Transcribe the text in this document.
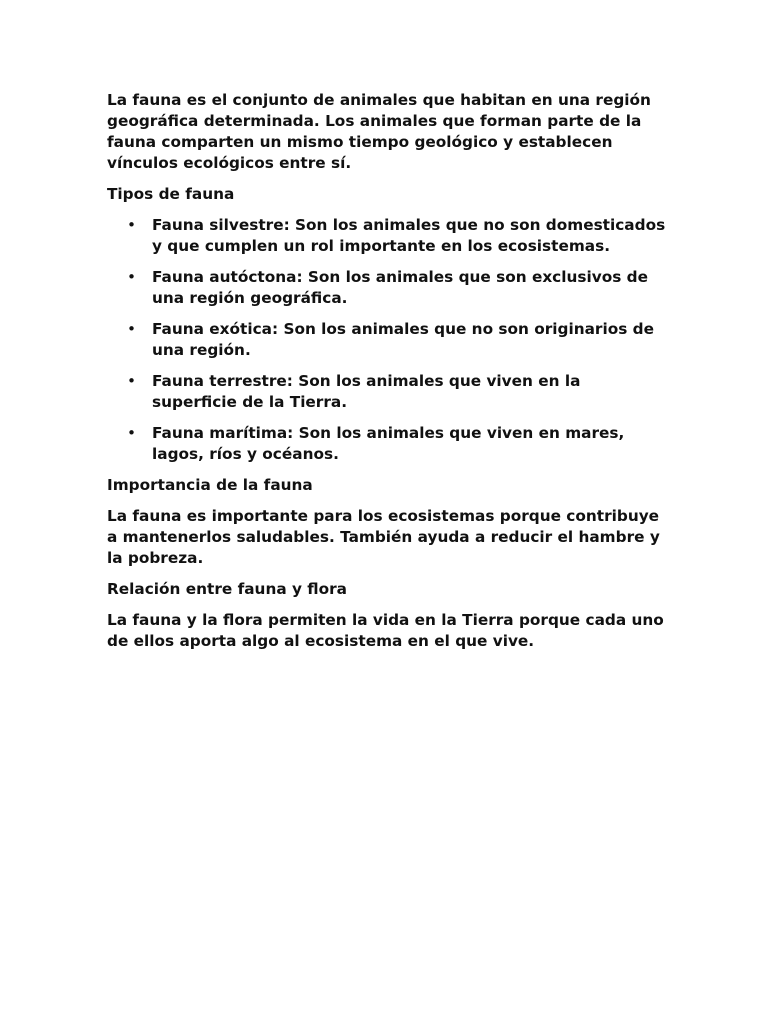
La fauna es el conjunto de animales que habitan en una región geográfica determinada. Los animales que forman parte de la fauna comparten un mismo tiempo geológico y establecen vínculos ecológicos entre sí.

Tipos de fauna

• Fauna silvestre: Son los animales que no son domesticados y que cumplen un rol importante en los ecosistemas.
• Fauna autóctona: Son los animales que son exclusivos de una región geográfica.
• Fauna exótica: Son los animales que no son originarios de una región.
• Fauna terrestre: Son los animales que viven en la superficie de la Tierra.
• Fauna marítima: Son los animales que viven en mares, lagos, ríos y océanos.

Importancia de la fauna

La fauna es importante para los ecosistemas porque contribuye a mantenerlos saludables. También ayuda a reducir el hambre y la pobreza.

Relación entre fauna y flora

La fauna y la flora permiten la vida en la Tierra porque cada uno de ellos aporta algo al ecosistema en el que vive.
